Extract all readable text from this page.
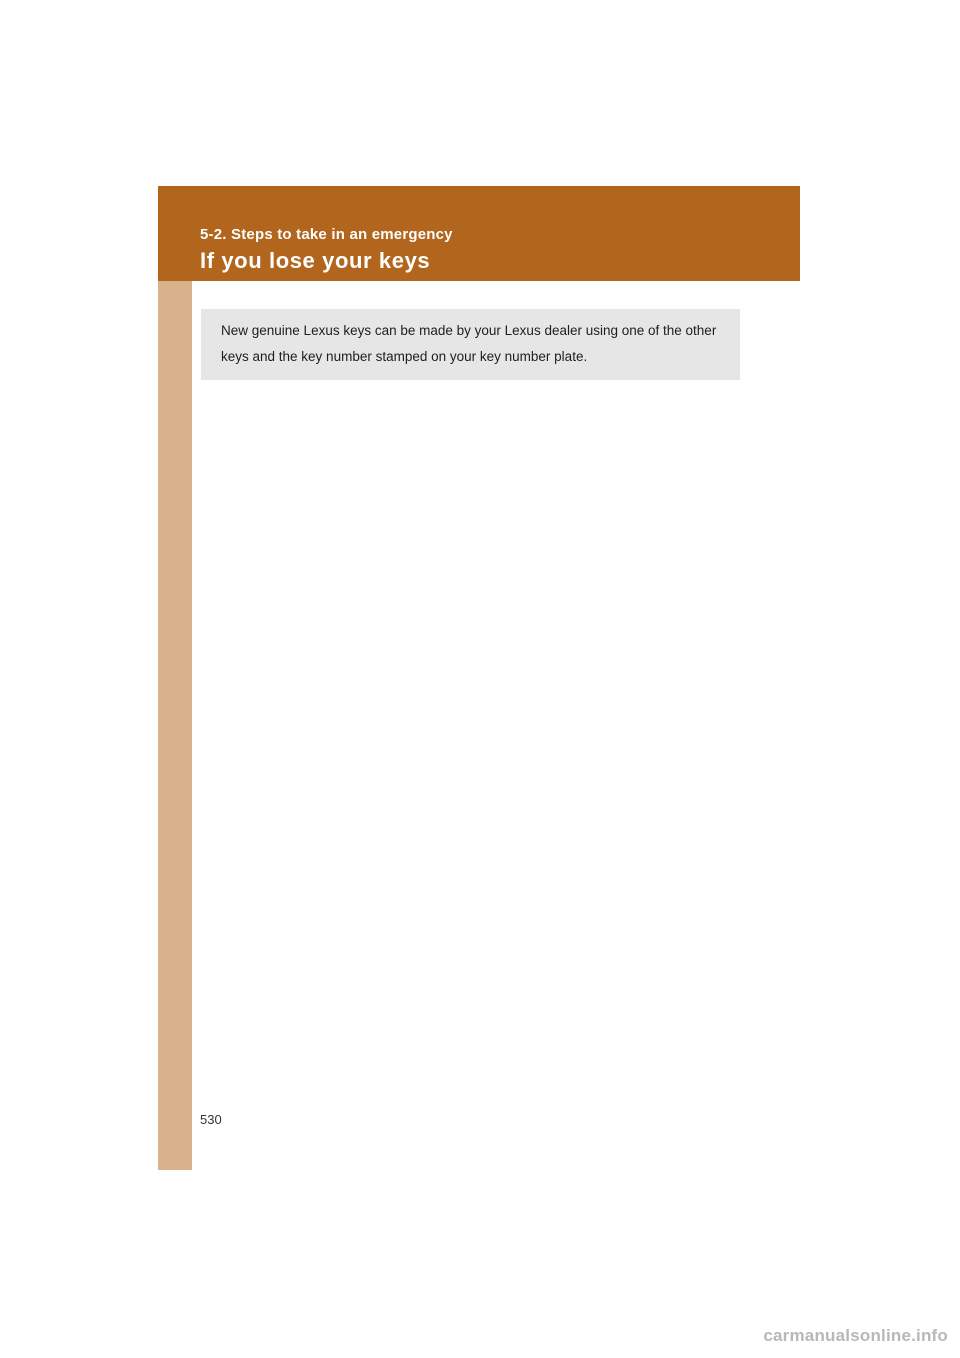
5-2. Steps to take in an emergency

If you lose your keys

New genuine Lexus keys can be made by your Lexus dealer using one of the other keys and the key number stamped on your key number plate.

530
carmanualsonline.info
